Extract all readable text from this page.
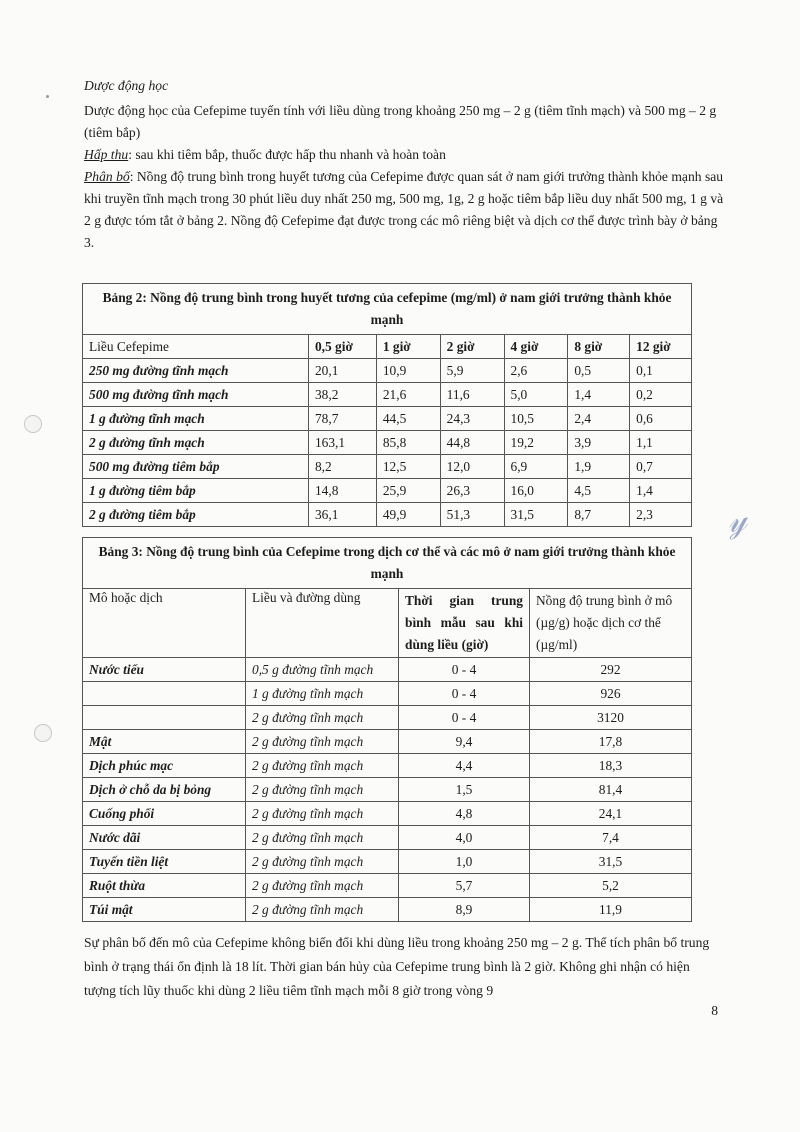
𝓎
Dược động học

Dược động học của Cefepime tuyến tính với liều dùng trong khoảng 250 mg – 2 g (tiêm tĩnh mạch) và 500 mg – 2 g (tiêm bắp)

Hấp thu: sau khi tiêm bắp, thuốc được hấp thu nhanh và hoàn toàn

Phân bố: Nồng độ trung bình trong huyết tương của Cefepime được quan sát ở nam giới trưởng thành khỏe mạnh sau khi truyền tĩnh mạch trong 30 phút liều duy nhất 250 mg, 500 mg, 1g, 2 g hoặc tiêm bắp liều duy nhất 500 mg, 1 g và 2 g được tóm tắt ở bảng 2. Nồng độ Cefepime đạt được trong các mô riêng biệt và dịch cơ thể được trình bày ở bảng 3.

Bảng 2: Nồng độ trung bình trong huyết tương của cefepime (mg/ml) ở nam giới trưởng thành khỏe mạnh						
Liều Cefepime	0,5 giờ	1 giờ	2 giờ	4 giờ	8 giờ	12 giờ
250 mg đường tĩnh mạch	20,1	10,9	5,9	2,6	0,5	0,1
500 mg đường tĩnh mạch	38,2	21,6	11,6	5,0	1,4	0,2
1 g đường tĩnh mạch	78,7	44,5	24,3	10,5	2,4	0,6
2 g đường tĩnh mạch	163,1	85,8	44,8	19,2	3,9	1,1
500 mg đường tiêm bắp	8,2	12,5	12,0	6,9	1,9	0,7
1 g đường tiêm bắp	14,8	25,9	26,3	16,0	4,5	1,4
2 g đường tiêm bắp	36,1	49,9	51,3	31,5	8,7	2,3
Bảng 3: Nồng độ trung bình của Cefepime trong dịch cơ thể và các mô ở nam giới trưởng thành khỏe mạnh			
Mô hoặc dịch	Liều và đường dùng	Thời gian trung bình mẫu sau khi dùng liều (giờ)	Nồng độ trung bình ở mô (µg/g) hoặc dịch cơ thể (µg/ml)
Nước tiểu	0,5 g đường tĩnh mạch	0 - 4	292
	1 g đường tĩnh mạch	0 - 4	926
	2 g đường tĩnh mạch	0 - 4	3120
Mật	2 g đường tĩnh mạch	9,4	17,8
Dịch phúc mạc	2 g đường tĩnh mạch	4,4	18,3
Dịch ở chỗ da bị bỏng	2 g đường tĩnh mạch	1,5	81,4
Cuống phổi	2 g đường tĩnh mạch	4,8	24,1
Nước dãi	2 g đường tĩnh mạch	4,0	7,4
Tuyến tiền liệt	2 g đường tĩnh mạch	1,0	31,5
Ruột thừa	2 g đường tĩnh mạch	5,7	5,2
Túi mật	2 g đường tĩnh mạch	8,9	11,9

Sự phân bố đến mô của Cefepime không biến đổi khi dùng liều trong khoảng 250 mg – 2 g. Thể tích phân bố trung bình ở trạng thái ổn định là 18 lít. Thời gian bán hủy của Cefepime trung bình là 2 giờ. Không ghi nhận có hiện tượng tích lũy thuốc khi dùng 2 liều tiêm tĩnh mạch mỗi 8 giờ trong vòng 9

8
